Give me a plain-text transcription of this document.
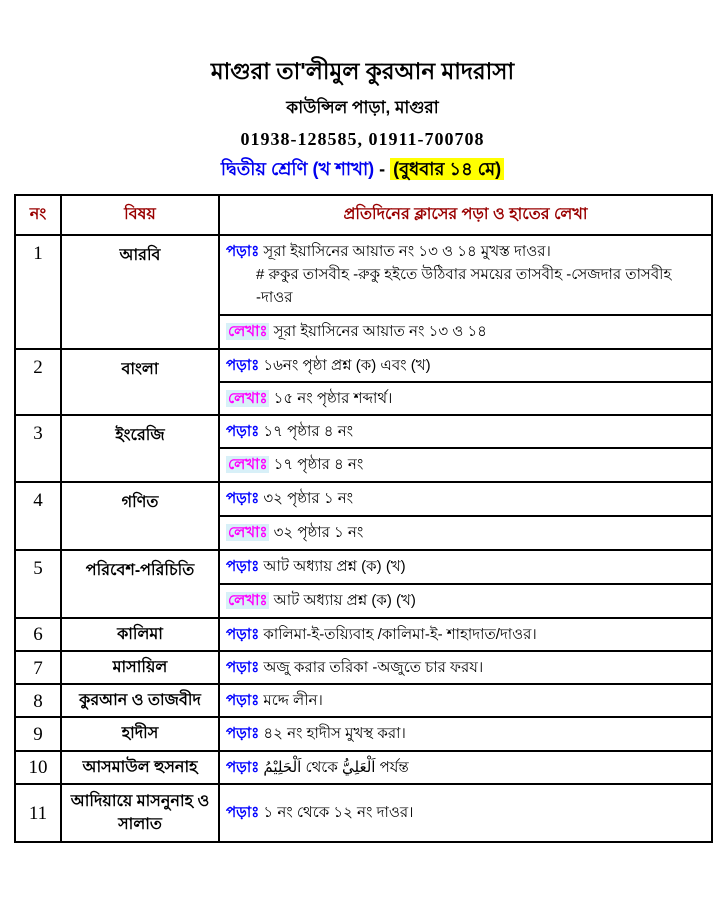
মাগুরা তা'লীমুল কুরআন মাদরাসা
কাউন্সিল পাড়া, মাগুরা
01938-128585, 01911-700708
দ্বিতীয় শ্রেণি (খ শাখা) - (বুধবার ১৪ মে)
নং	বিষয়	প্রতিদিনের ক্লাসের পড়া ও হাতের লেখা
1	আরবি	পড়াঃ সূরা ইয়াসিনের আয়াত নং ১৩ ও ১৪ মুখস্ত দাওর।
# রুকুর তাসবীহ -রুকু হইতে উঠিবার সময়ের তাসবীহ -সেজদার তাসবীহ -দাওর

		লেখাঃ সূরা ইয়াসিনের আয়াত নং ১৩ ও ১৪
2	বাংলা	পড়াঃ ১৬নং পৃষ্ঠা প্রশ্ন (ক) এবং (খ)
		লেখাঃ ১৫ নং পৃষ্ঠার শব্দার্থ।
3	ইংরেজি	পড়াঃ ১৭ পৃষ্ঠার ৪ নং
		লেখাঃ ১৭ পৃষ্ঠার ৪ নং
4	গণিত	পড়াঃ ৩২ পৃষ্ঠার ১ নং
		লেখাঃ ৩২ পৃষ্ঠার ১ নং
5	পরিবেশ-পরিচিতি	পড়াঃ আট অধ্যায় প্রশ্ন (ক) (খ)
		লেখাঃ আট অধ্যায় প্রশ্ন (ক) (খ)
6	কালিমা	পড়াঃ কালিমা-ই-তয়্যিবাহ /কালিমা-ই- শাহাদাত/দাওর।
7	মাসায়িল	পড়াঃ অজু করার তরিকা -অজুতে চার ফরয।
8	কুরআন ও তাজবীদ	পড়াঃ মদ্দে লীন।
9	হাদীস	পড়াঃ ৪২ নং হাদীস মুখস্থ করা।
10	আসমাউল হুসনাহ	পড়াঃ اَلْحَلِيْمُ থেকে اَلْعَلِيُّ পর্যন্ত
11	আদিয়ায়ে মাসনুনাহ ও সালাত	পড়াঃ ১ নং থেকে ১২ নং দাওর।
